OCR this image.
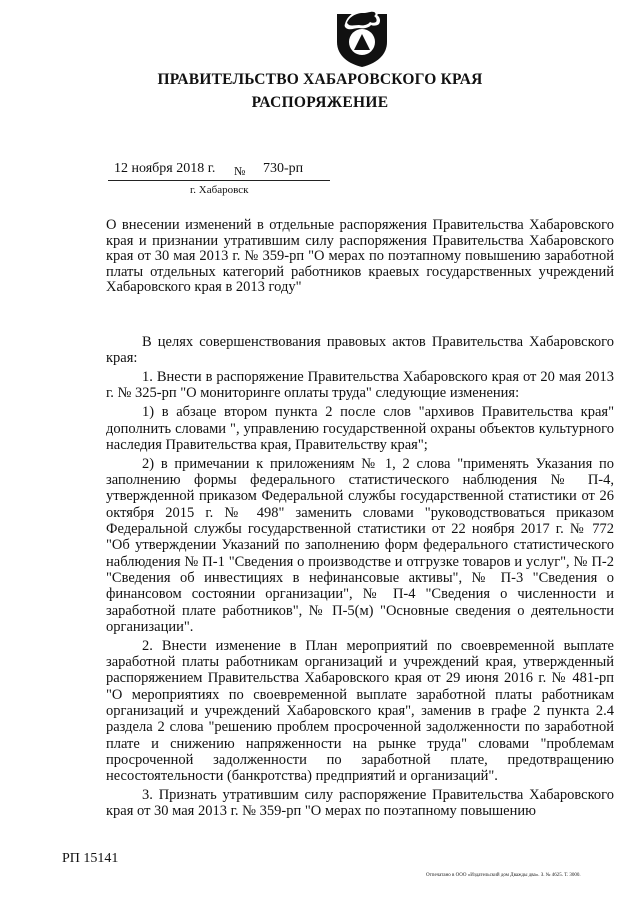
ПРАВИТЕЛЬСТВО ХАБАРОВСКОГО КРАЯ
РАСПОРЯЖЕНИЕ
12 ноября 2018 г. № 730-рп
г. Хабаровск
О внесении изменений в отдельные распоряжения Правительства Хабаровского края и признании утратившим силу распоряжения Правительства Хабаровского края от 30 мая 2013 г. № 359-рп "О мерах по поэтапному повышению заработной платы отдельных категорий работников краевых государственных учреждений Хабаровского края в 2013 году"

В целях совершенствования правовых актов Правительства Хабаровского края:

1. Внести в распоряжение Правительства Хабаровского края от 20 мая 2013 г. № 325-рп "О мониторинге оплаты труда" следующие изменения:

1) в абзаце втором пункта 2 после слов "архивов Правительства края" дополнить словами ", управлению государственной охраны объектов культурного наследия Правительства края, Правительству края";

2) в примечании к приложениям № 1, 2 слова "применять Указания по заполнению формы федерального статистического наблюдения № П-4, утвержденной приказом Федеральной службы государственной статистики от 26 октября 2015 г. № 498" заменить словами "руководствоваться приказом Федеральной службы государственной статистики от 22 ноября 2017 г. № 772 "Об утверждении Указаний по заполнению форм федерального статистического наблюдения № П-1 "Сведения о производстве и отгрузке товаров и услуг", № П-2 "Сведения об инвестициях в нефинансовые активы", № П-3 "Сведения о финансовом состоянии организации", № П-4 "Сведения о численности и заработной плате работников", № П-5(м) "Основные сведения о деятельности организации".

2. Внести изменение в План мероприятий по своевременной выплате заработной платы работникам организаций и учреждений края, утвержденный распоряжением Правительства Хабаровского края от 29 июня 2016 г. № 481-рп "О мероприятиях по своевременной выплате заработной платы работникам организаций и учреждений Хабаровского края", заменив в графе 2 пункта 2.4 раздела 2 слова "решению проблем просроченной задолженности по заработной плате и снижению напряженности на рынке труда" словами "проблемам просроченной задолженности по заработной плате, предотвращению несостоятельности (банкротства) предприятий и организаций".

3. Признать утратившим силу распоряжение Правительства Хабаровского края от 30 мая 2013 г. № 359-рп "О мерах по поэтапному повышению

РП 15141
Отпечатано в ООО «Издательский дом Дважды два». З. № 4625. Т. 3000.
